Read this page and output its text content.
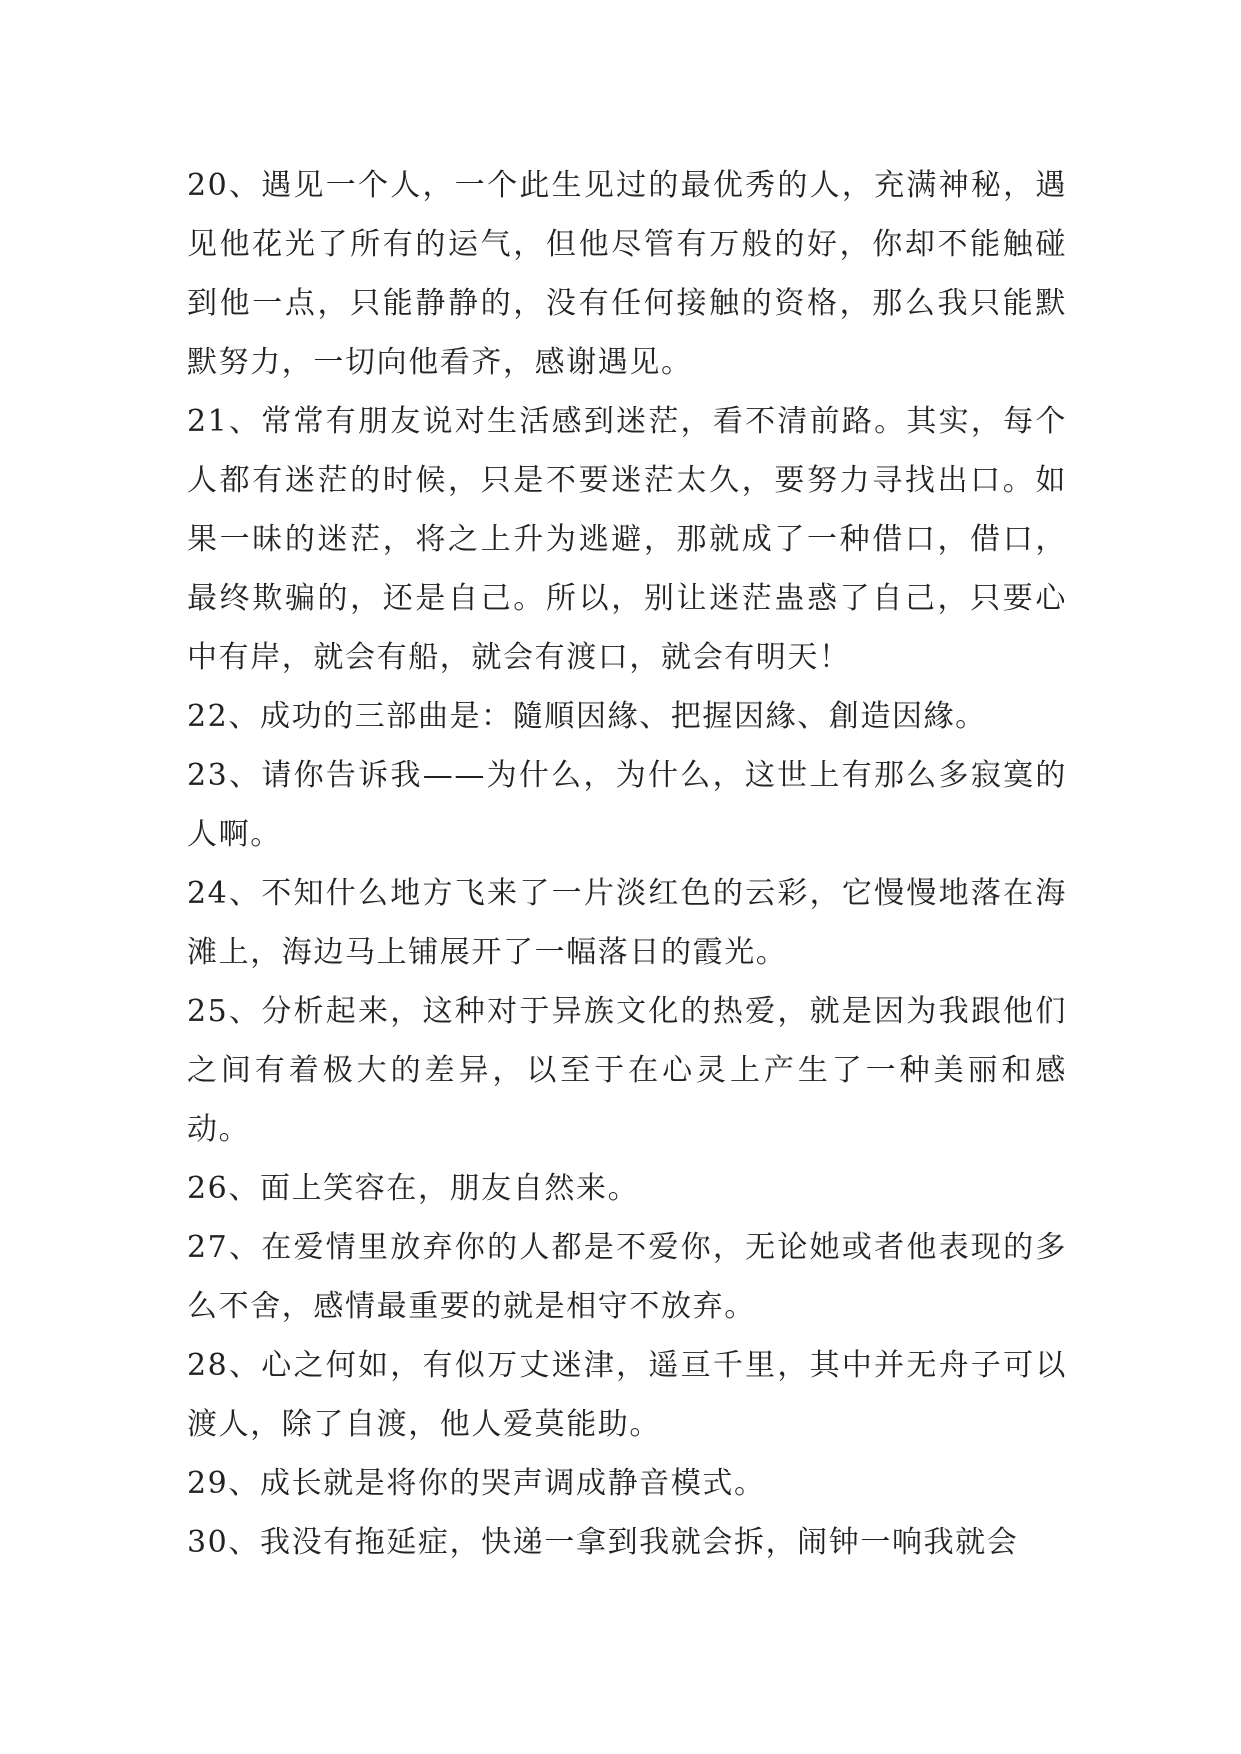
20、遇见一个人，一个此生见过的最优秀的人，充满神秘，遇见他花光了所有的运气，但他尽管有万般的好，你却不能触碰到他一点，只能静静的，没有任何接触的资格，那么我只能默默努力，一切向他看齐，感谢遇见。

21、常常有朋友说对生活感到迷茫，看不清前路。其实，每个人都有迷茫的时候，只是不要迷茫太久，要努力寻找出口。如果一昧的迷茫，将之上升为逃避，那就成了一种借口，借口，最终欺骗的，还是自己。所以，别让迷茫蛊惑了自己，只要心中有岸，就会有船，就会有渡口，就会有明天！

22、成功的三部曲是：隨順因緣、把握因緣、創造因緣。

23、请你告诉我——为什么，为什么，这世上有那么多寂寞的人啊。

24、不知什么地方飞来了一片淡红色的云彩，它慢慢地落在海滩上，海边马上铺展开了一幅落日的霞光。

25、分析起来，这种对于异族文化的热爱，就是因为我跟他们之间有着极大的差异，以至于在心灵上产生了一种美丽和感动。

26、面上笑容在，朋友自然来。

27、在爱情里放弃你的人都是不爱你，无论她或者他表现的多么不舍，感情最重要的就是相守不放弃。

28、心之何如，有似万丈迷津，遥亘千里，其中并无舟子可以渡人，除了自渡，他人爱莫能助。

29、成长就是将你的哭声调成静音模式。

30、我没有拖延症，快递一拿到我就会拆，闹钟一响我就会
